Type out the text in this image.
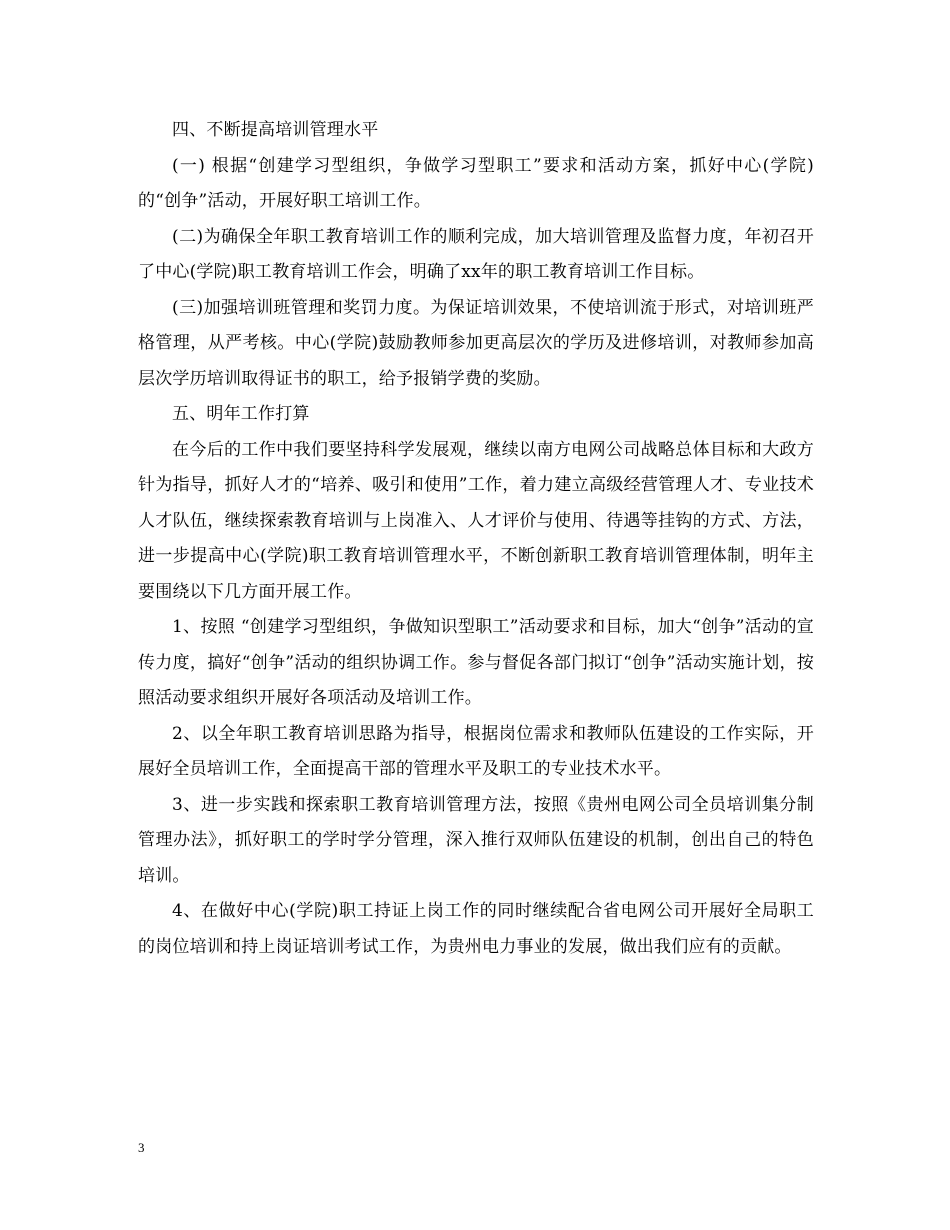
四、不断提高培训管理水平

(一) 根据“创建学习型组织，争做学习型职工”要求和活动方案，抓好中心(学院)的“创争”活动，开展好职工培训工作。

(二)为确保全年职工教育培训工作的顺利完成，加大培训管理及监督力度，年初召开了中心(学院)职工教育培训工作会，明确了xx年的职工教育培训工作目标。

(三)加强培训班管理和奖罚力度。为保证培训效果，不使培训流于形式，对培训班严格管理，从严考核。中心(学院)鼓励教师参加更高层次的学历及进修培训，对教师参加高层次学历培训取得证书的职工，给予报销学费的奖励。

五、明年工作打算

在今后的工作中我们要坚持科学发展观，继续以南方电网公司战略总体目标和大政方针为指导，抓好人才的“培养、吸引和使用”工作，着力建立高级经营管理人才、专业技术人才队伍，继续探索教育培训与上岗准入、人才评价与使用、待遇等挂钩的方式、方法，进一步提高中心(学院)职工教育培训管理水平，不断创新职工教育培训管理体制，明年主要围绕以下几方面开展工作。

1、按照 “创建学习型组织，争做知识型职工”活动要求和目标，加大“创争”活动的宣传力度，搞好“创争”活动的组织协调工作。参与督促各部门拟订“创争”活动实施计划，按照活动要求组织开展好各项活动及培训工作。

2、以全年职工教育培训思路为指导，根据岗位需求和教师队伍建设的工作实际，开展好全员培训工作，全面提高干部的管理水平及职工的专业技术水平。

3、进一步实践和探索职工教育培训管理方法，按照《贵州电网公司全员培训集分制管理办法》，抓好职工的学时学分管理，深入推行双师队伍建设的机制，创出自己的特色培训。

4、在做好中心(学院)职工持证上岗工作的同时继续配合省电网公司开展好全局职工的岗位培训和持上岗证培训考试工作，为贵州电力事业的发展，做出我们应有的贡献。

3
